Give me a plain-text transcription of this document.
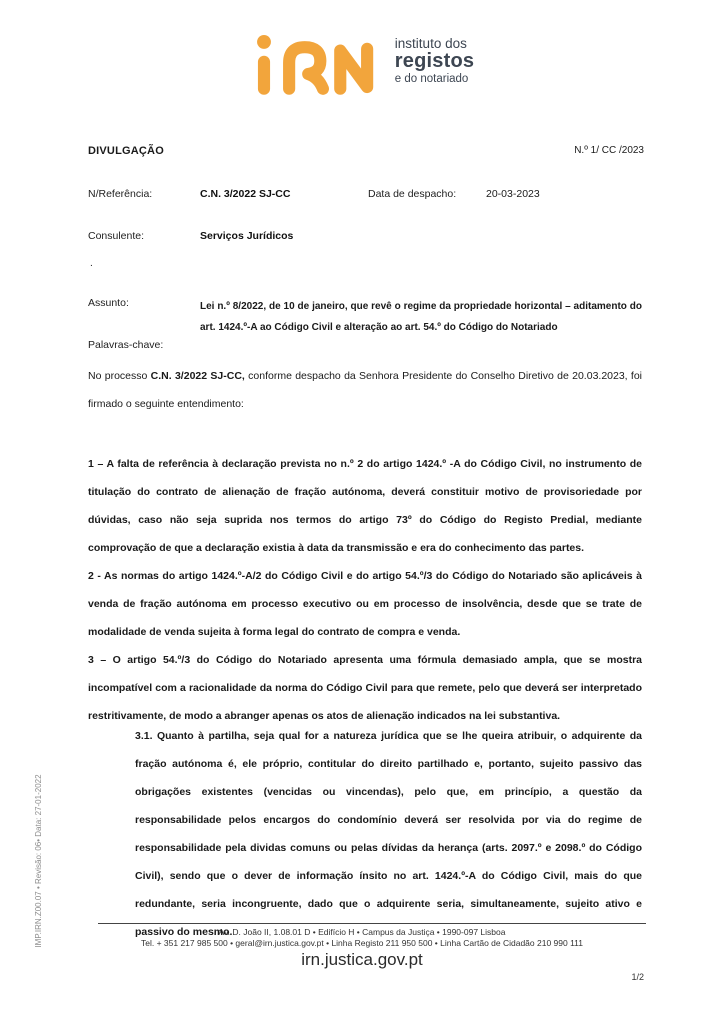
IMP.IRN.Z00.07 • Revisão: 06• Data: 27-01-2022
instituto dos
registos
e do notariado
DIVULGAÇÃO	N.º 1/ CC /2023
N/Referência:	C.N. 3/2022 SJ-CC	Data de despacho:	20-03-2023
Consulente:	Serviços Jurídicos
.
Assunto:	Lei n.º 8/2022, de 10 de janeiro, que revê o regime da propriedade horizontal – aditamento do art. 1424.º-A ao Código Civil e alteração ao art. 54.º do Código do Notariado
Palavras-chave:
No processo C.N. 3/2022 SJ-CC, conforme despacho da Senhora Presidente do Conselho Diretivo de 20.03.2023, foi firmado o seguinte entendimento:
1 – A falta de referência à declaração prevista no n.º 2 do artigo 1424.º -A do Código Civil, no instrumento de titulação do contrato de alienação de fração autónoma, deverá constituir motivo de provisoriedade por dúvidas, caso não seja suprida nos termos do artigo 73º do Código do Registo Predial, mediante comprovação de que a declaração existia à data da transmissão e era do conhecimento das partes.
2 - As normas do artigo 1424.º-A/2 do Código Civil e do artigo 54.º/3 do Código do Notariado são aplicáveis à venda de fração autónoma em processo executivo ou em processo de insolvência, desde que se trate de modalidade de venda sujeita à forma legal do contrato de compra e venda.
3 – O artigo 54.º/3 do Código do Notariado apresenta uma fórmula demasiado ampla, que se mostra incompatível com a racionalidade da norma do Código Civil para que remete, pelo que deverá ser interpretado restritivamente, de modo a abranger apenas os atos de alienação indicados na lei substantiva.
3.1. Quanto à partilha, seja qual for a natureza jurídica que se lhe queira atribuir, o adquirente da fração autónoma é, ele próprio, contitular do direito partilhado e, portanto, sujeito passivo das obrigações existentes (vencidas ou vincendas), pelo que, em princípio, a questão da responsabilidade pelos encargos do condomínio deverá ser resolvida por via do regime de responsabilidade pela dividas comuns ou pelas dívidas da herança (arts. 2097.º e 2098.º do Código Civil), sendo que o dever de informação ínsito no art. 1424.º-A do Código Civil, mais do que redundante, seria incongruente, dado que o adquirente seria, simultaneamente, sujeito ativo e passivo do mesmo.
Av. D. João II, 1.08.01 D • Edifício H • Campus da Justiça • 1990-097 Lisboa
Tel. + 351 217 985 500 • geral@irn.justica.gov.pt • Linha Registo 211 950 500 • Linha Cartão de Cidadão 210 990 111
irn.justica.gov.pt
1/2
